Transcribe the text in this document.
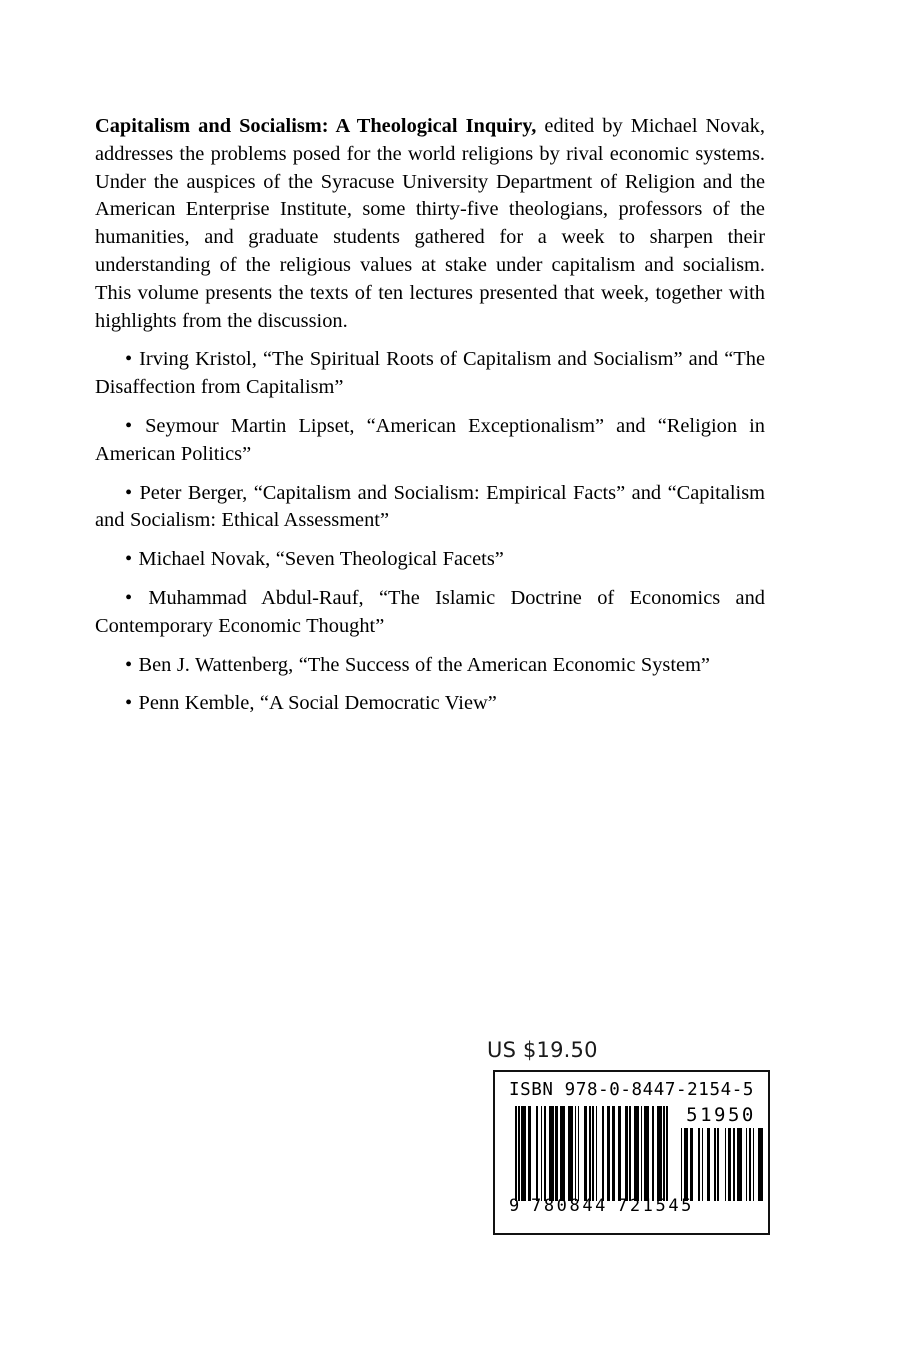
Capitalism and Socialism: A Theological Inquiry, edited by Michael Novak, addresses the problems posed for the world religions by rival economic systems. Under the auspices of the Syracuse University Department of Religion and the American Enterprise Institute, some thirty-five theologians, professors of the humanities, and graduate students gathered for a week to sharpen their understanding of the religious values at stake under capitalism and socialism. This volume presents the texts of ten lectures presented that week, together with highlights from the discussion.

• Irving Kristol, “The Spiritual Roots of Capitalism and Socialism” and “The Disaffection from Capitalism”

• Seymour Martin Lipset, “American Exceptionalism” and “Religion in American Politics”

• Peter Berger, “Capitalism and Socialism: Empirical Facts” and “Capitalism and Socialism: Ethical Assessment”

• Michael Novak, “Seven Theological Facets”

• Muhammad Abdul-Rauf, “The Islamic Doctrine of Economics and Contemporary Economic Thought”

• Ben J. Wattenberg, “The Success of the American Economic System”

• Penn Kemble, “A Social Democratic View”

US $19.50
ISBN 978-0-8447-2154-5
51950
9 780844 721545
